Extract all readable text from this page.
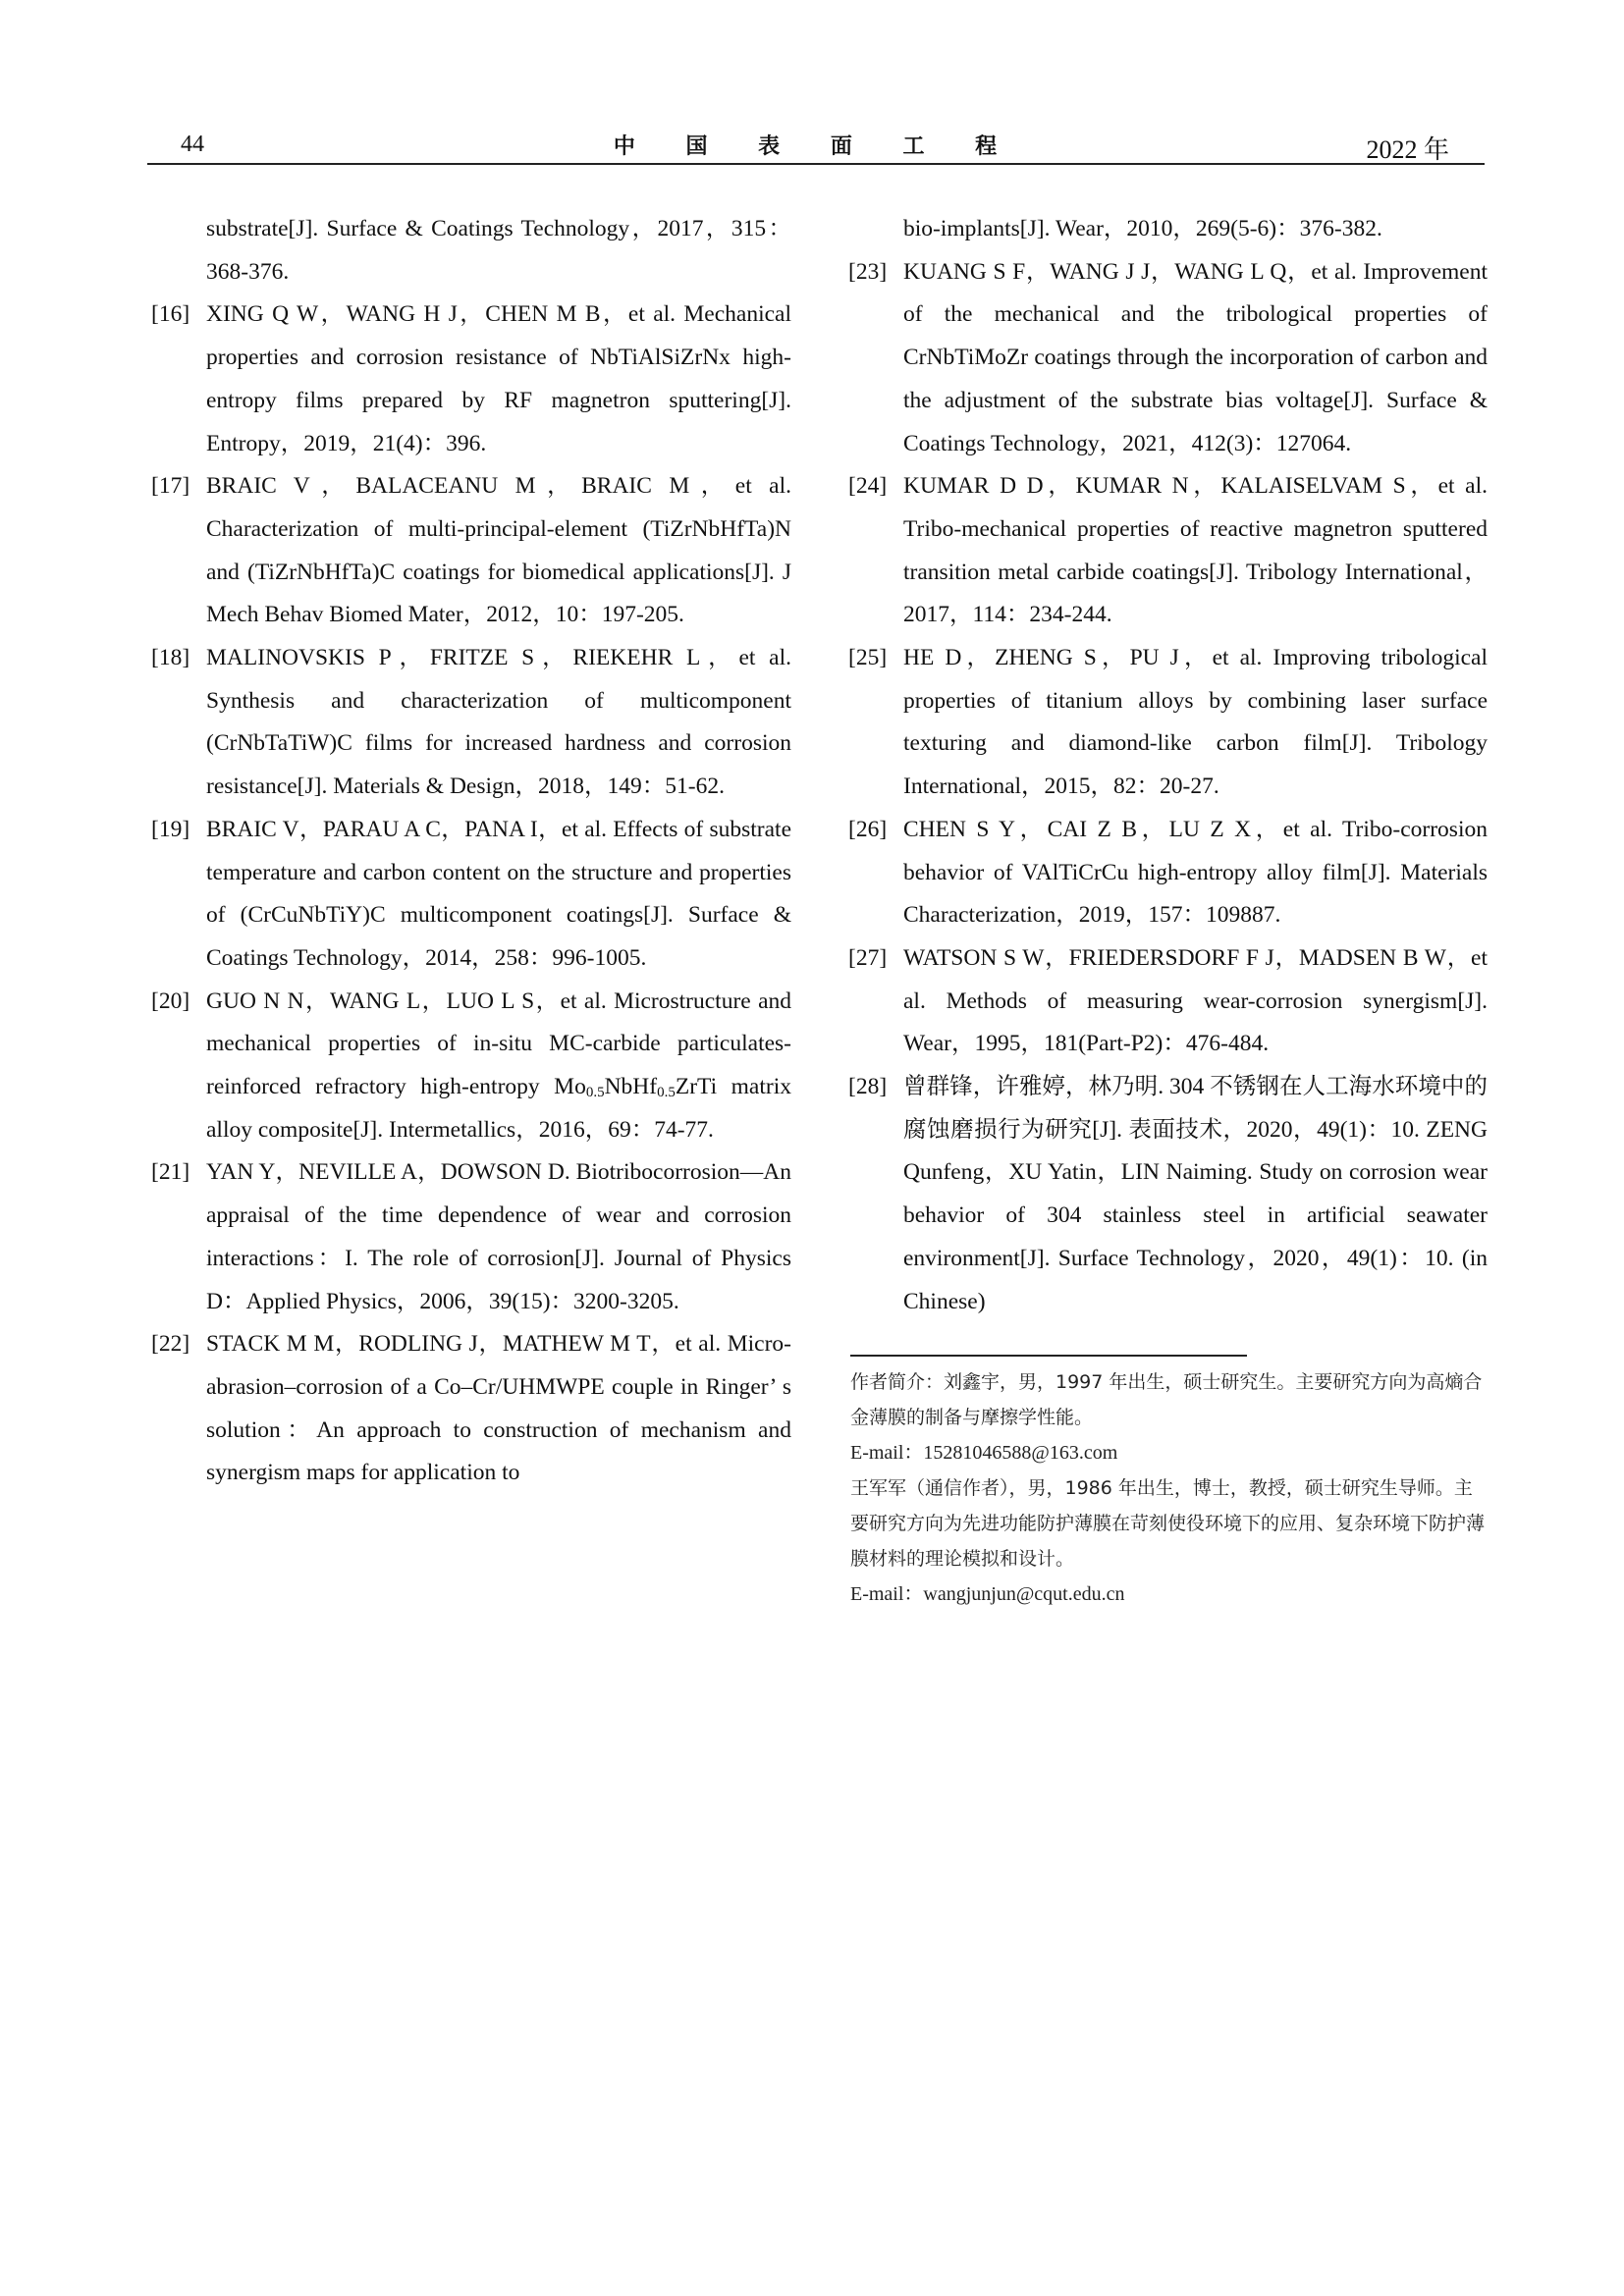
44	中 国 表 面 工 程	2022 年
substrate[J]. Surface & Coatings Technology，2017，315：368-376.
[16] XING Q W，WANG H J，CHEN M B，et al. Mechanical properties and corrosion resistance of NbTiAlSiZrNx high-entropy films prepared by RF magnetron sputtering[J]. Entropy，2019，21(4)：396.
[17] BRAIC V，BALACEANU M，BRAIC M，et al. Characterization of multi-principal-element (TiZrNbHfTa)N and (TiZrNbHfTa)C coatings for biomedical applications[J]. J Mech Behav Biomed Mater，2012，10：197-205.
[18] MALINOVSKIS P，FRITZE S，RIEKEHR L，et al. Synthesis and characterization of multicomponent (CrNbTaTiW)C films for increased hardness and corrosion resistance[J]. Materials & Design，2018，149：51-62.
[19] BRAIC V，PARAU A C，PANA I，et al. Effects of substrate temperature and carbon content on the structure and properties of (CrCuNbTiY)C multicomponent coatings[J]. Surface & Coatings Technology，2014，258：996-1005.
[20] GUO N N，WANG L，LUO L S，et al. Microstructure and mechanical properties of in-situ MC-carbide particulates-reinforced refractory high-entropy $Mo_{0.5}NbHf_{0.5}ZrTi$ matrix alloy composite[J]. Intermetallics，2016，69：74-77.
[21] YAN Y，NEVILLE A，DOWSON D. Biotribocorrosion—An appraisal of the time dependence of wear and corrosion interactions：I. The role of corrosion[J]. Journal of Physics D：Applied Physics，2006，39(15)：3200-3205.
[22] STACK M M，RODLING J，MATHEW M T，et al. Micro-abrasion–corrosion of a Co–Cr/UHMWPE couple in Ringer’ s solution：An approach to construction of mechanism and synergism maps for application to
bio-implants[J]. Wear，2010，269(5-6)：376-382.
[23] KUANG S F，WANG J J，WANG L Q，et al. Improvement of the mechanical and the tribological properties of CrNbTiMoZr coatings through the incorporation of carbon and the adjustment of the substrate bias voltage[J]. Surface & Coatings Technology，2021，412(3)：127064.
[24] KUMAR D D，KUMAR N，KALAISELVAM S，et al. Tribo-mechanical properties of reactive magnetron sputtered transition metal carbide coatings[J]. Tribology International，2017，114：234-244.
[25] HE D，ZHENG S，PU J，et al. Improving tribological properties of titanium alloys by combining laser surface texturing and diamond-like carbon film[J]. Tribology International，2015，82：20-27.
[26] CHEN S Y，CAI Z B，LU Z X，et al. Tribo-corrosion behavior of VAlTiCrCu high-entropy alloy film[J]. Materials Characterization，2019，157：109887.
[27] WATSON S W，FRIEDERSDORF F J，MADSEN B W，et al. Methods of measuring wear-corrosion synergism[J]. Wear，1995，181(Part-P2)：476-484.
[28] 曾群锋，许雅婷，林乃明. 304 不锈钢在人工海水环境中的腐蚀磨损行为研究[J]. 表面技术，2020，49(1)：10. ZENG Qunfeng，XU Yatin，LIN Naiming. Study on corrosion wear behavior of 304 stainless steel in artificial seawater environment[J]. Surface Technology，2020，49(1)：10. (in Chinese)
作者简介：刘鑫宇，男，1997 年出生，硕士研究生。主要研究方向为高熵合金薄膜的制备与摩擦学性能。
E-mail：15281046588@163.com
王军军（通信作者），男，1986 年出生，博士，教授，硕士研究生导师。主要研究方向为先进功能防护薄膜在苛刻使役环境下的应用、复杂环境下防护薄膜材料的理论模拟和设计。
E-mail：wangjunjun@cqut.edu.cn
